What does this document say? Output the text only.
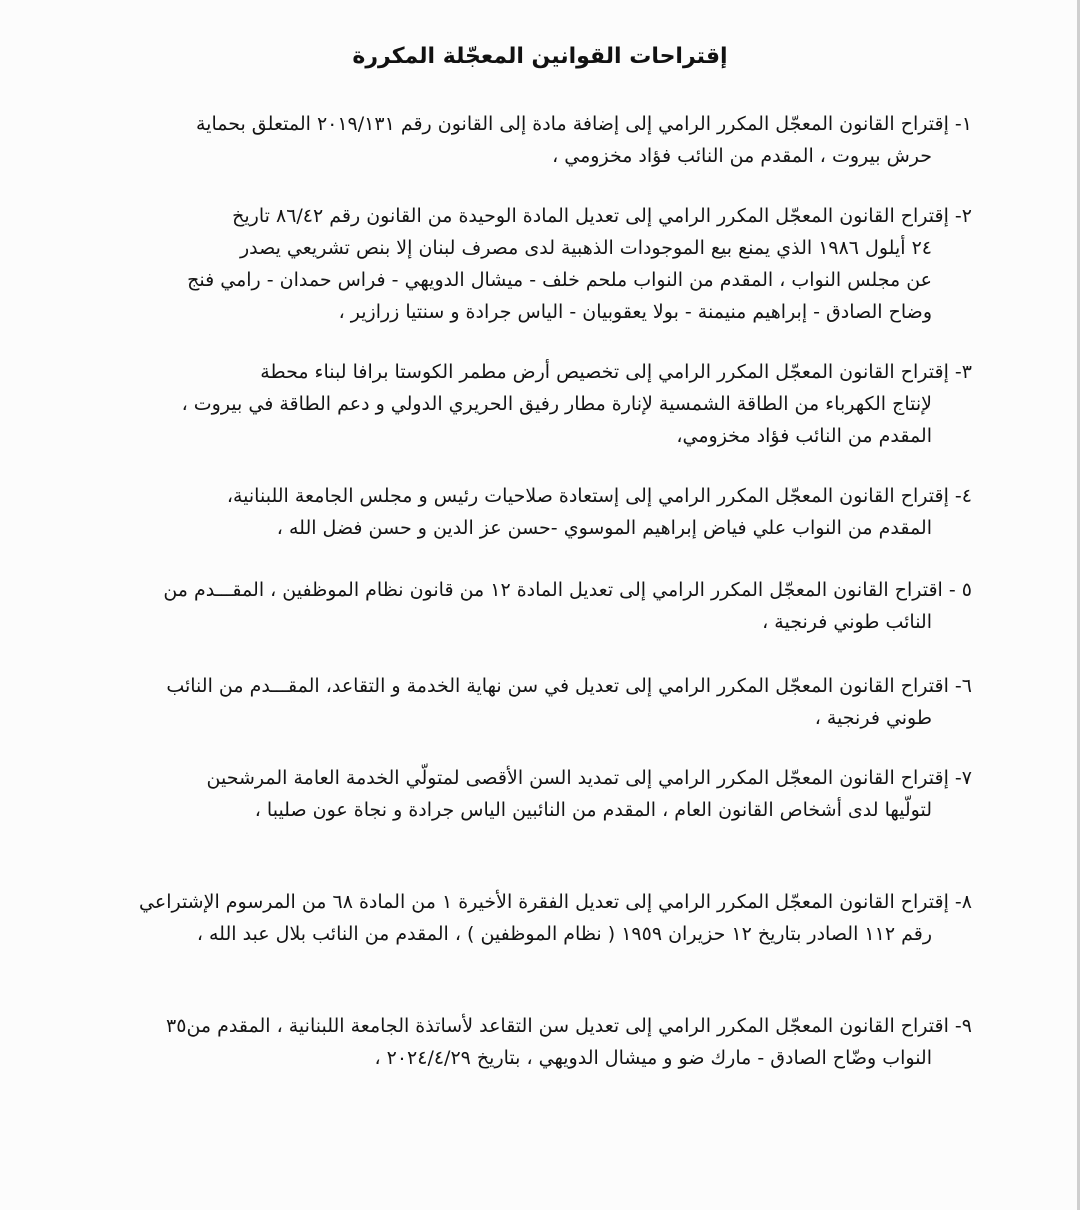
إقتراحات القوانين المعجّلة المكررة
١- إقتراح القانون المعجّل المكرر الرامي إلى إضافة مادة إلى القانون رقم ٢٠١٩/١٣١ المتعلق بحماية
حرش بيروت ، المقدم من النائب فؤاد مخزومي ،
٢- إقتراح القانون المعجّل المكرر الرامي إلى تعديل المادة الوحيدة من القانون رقم ٨٦/٤٢ تاريخ
٢٤ أيلول ١٩٨٦ الذي يمنع بيع الموجودات الذهبية لدى مصرف لبنان إلا بنص تشريعي يصدر
عن مجلس النواب ، المقدم من النواب ملحم خلف - ميشال الدويهي - فراس حمدان - رامي فنج
وضاح الصادق - إبراهيم منيمنة - بولا يعقوبيان - الياس جرادة و سنتيا زرازير ،
٣- إقتراح القانون المعجّل المكرر الرامي إلى تخصيص أرض مطمر الكوستا برافا لبناء محطة
لإنتاج الكهرباء من الطاقة الشمسية لإنارة مطار رفيق الحريري الدولي و دعم الطاقة في بيروت ،
المقدم من النائب فؤاد مخزومي،
٤- إقتراح القانون المعجّل المكرر الرامي إلى إستعادة صلاحيات رئيس و مجلس الجامعة اللبنانية،
المقدم من النواب علي فياض إبراهيم الموسوي -حسن عز الدين و حسن فضل الله ،
٥ - اقتراح القانون المعجّل المكرر الرامي إلى تعديل المادة ١٢ من قانون نظام الموظفين ، المقـــدم من
النائب طوني فرنجية ،
٦- اقتراح القانون المعجّل المكرر الرامي إلى تعديل في سن نهاية الخدمة و التقاعد، المقـــدم من النائب
طوني فرنجية ،
٧- إقتراح القانون المعجّل المكرر الرامي إلى تمديد السن الأقصى لمتولّي الخدمة العامة المرشحين
لتولّيها لدى أشخاص القانون العام ، المقدم من النائبين الياس جرادة و نجاة عون صليبا ،
٨- إقتراح القانون المعجّل المكرر الرامي إلى تعديل الفقرة الأخيرة ١ من المادة ٦٨ من المرسوم الإشتراعي
رقم ١١٢ الصادر بتاريخ ١٢ حزيران ١٩٥٩ ( نظام الموظفين ) ، المقدم من النائب بلال عبد الله ،
٩- اقتراح القانون المعجّل المكرر الرامي إلى تعديل سن التقاعد لأساتذة الجامعة اللبنانية ، المقدم من٣٥
النواب وضّاح الصادق - مارك ضو و ميشال الدويهي ، بتاريخ ٢٠٢٤/٤/٢٩ ،
